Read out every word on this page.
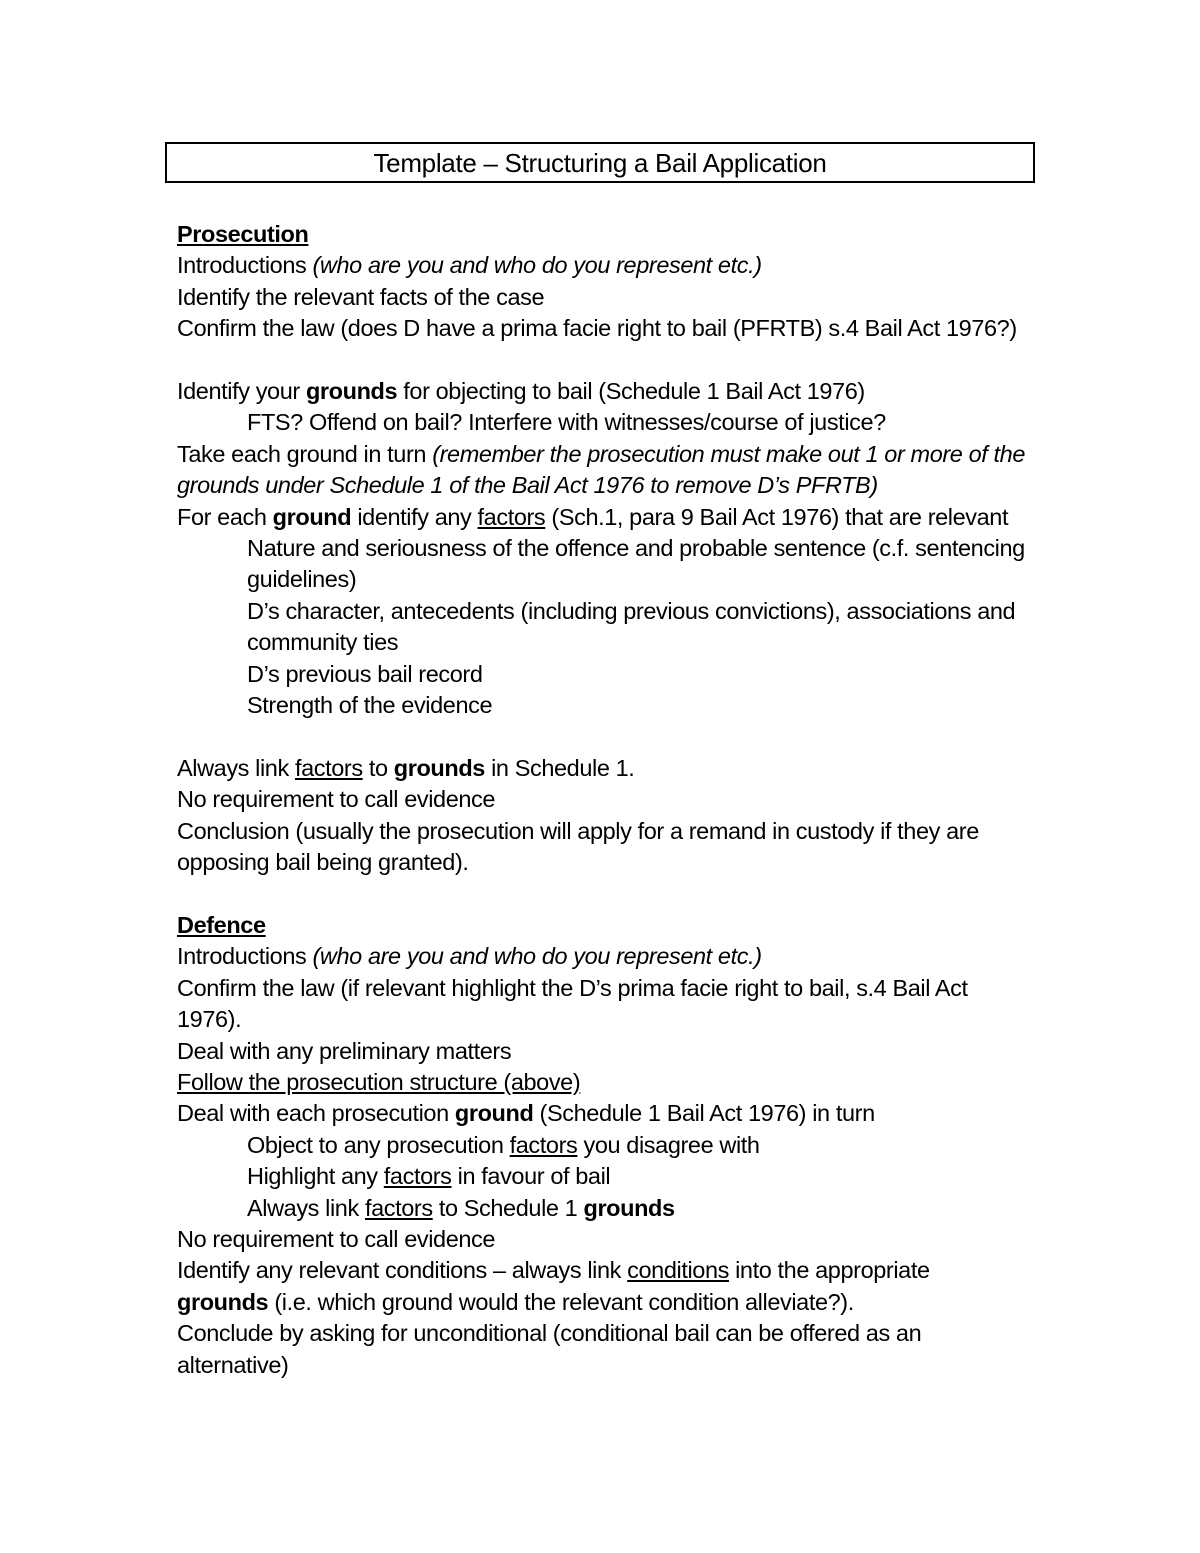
Template – Structuring a Bail Application
Prosecution
Introductions (who are you and who do you represent etc.)
Identify the relevant facts of the case
Confirm the law (does D have a prima facie right to bail (PFRTB) s.4 Bail Act 1976?)
Identify your grounds for objecting to bail (Schedule 1 Bail Act 1976)
FTS? Offend on bail? Interfere with witnesses/course of justice?
Take each ground in turn (remember the prosecution must make out 1 or more of the
grounds under Schedule 1 of the Bail Act 1976 to remove D’s PFRTB)
For each ground identify any factors (Sch.1, para 9 Bail Act 1976) that are relevant
Nature and seriousness of the offence and probable sentence (c.f. sentencing guidelines)
D’s character, antecedents (including previous convictions), associations and community ties
D’s previous bail record
Strength of the evidence
Always link factors to grounds in Schedule 1.
No requirement to call evidence
Conclusion (usually the prosecution will apply for a remand in custody if they are opposing bail being granted).
Defence
Introductions (who are you and who do you represent etc.)
Confirm the law (if relevant highlight the D’s prima facie right to bail, s.4 Bail Act 1976).
Deal with any preliminary matters
Follow the prosecution structure (above)
Deal with each prosecution ground (Schedule 1 Bail Act 1976) in turn
Object to any prosecution factors you disagree with
Highlight any factors in favour of bail
Always link factors to Schedule 1 grounds
No requirement to call evidence
Identify any relevant conditions – always link conditions into the appropriate
grounds (i.e. which ground would the relevant condition alleviate?).
Conclude by asking for unconditional (conditional bail can be offered as an alternative)
